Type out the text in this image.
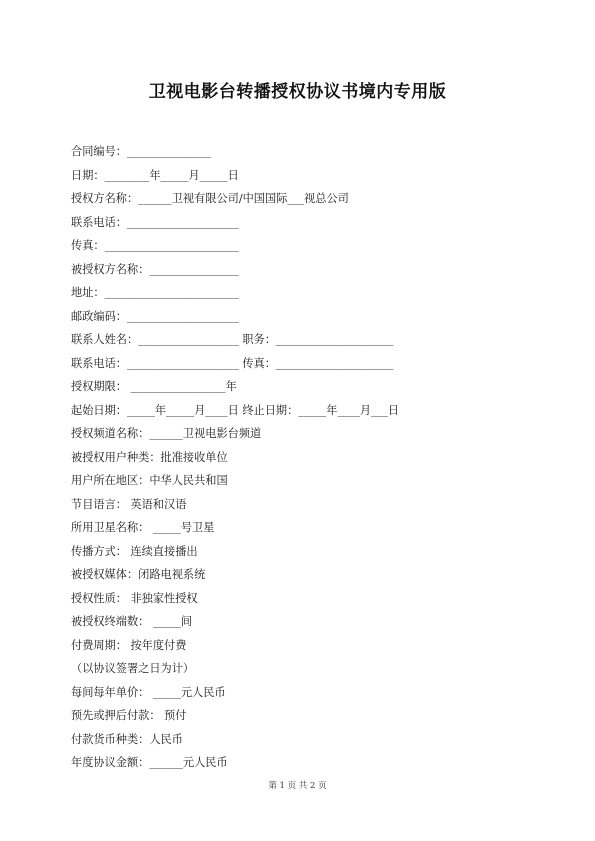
卫视电影台转播授权协议书境内专用版
合同编号：_______________
日期：________年_____月_____日
授权方名称：______卫视有限公司/中国国际___视总公司
联系电话：____________________
传真：________________________
被授权方名称：________________
地址：________________________
邮政编码：____________________
联系人姓名：__________________ 职务：_____________________
联系电话：____________________ 传真：_____________________
授权期限： _________________年
起始日期：_____年_____月____日 终止日期：_____年____月___日
授权频道名称：______卫视电影台频道
被授权用户种类：批准接收单位
用户所在地区：中华人民共和国
节目语言： 英语和汉语
所用卫星名称： _____号卫星
传播方式： 连续直接播出
被授权媒体：闭路电视系统
授权性质： 非独家性授权
被授权终端数： _____间
付费周期： 按年度付费
（以协议签署之日为计）
每间每年单价： _____元人民币
预先或押后付款： 预付
付款货币种类：人民币
年度协议金额：______元人民币
第 1 页 共 2 页
